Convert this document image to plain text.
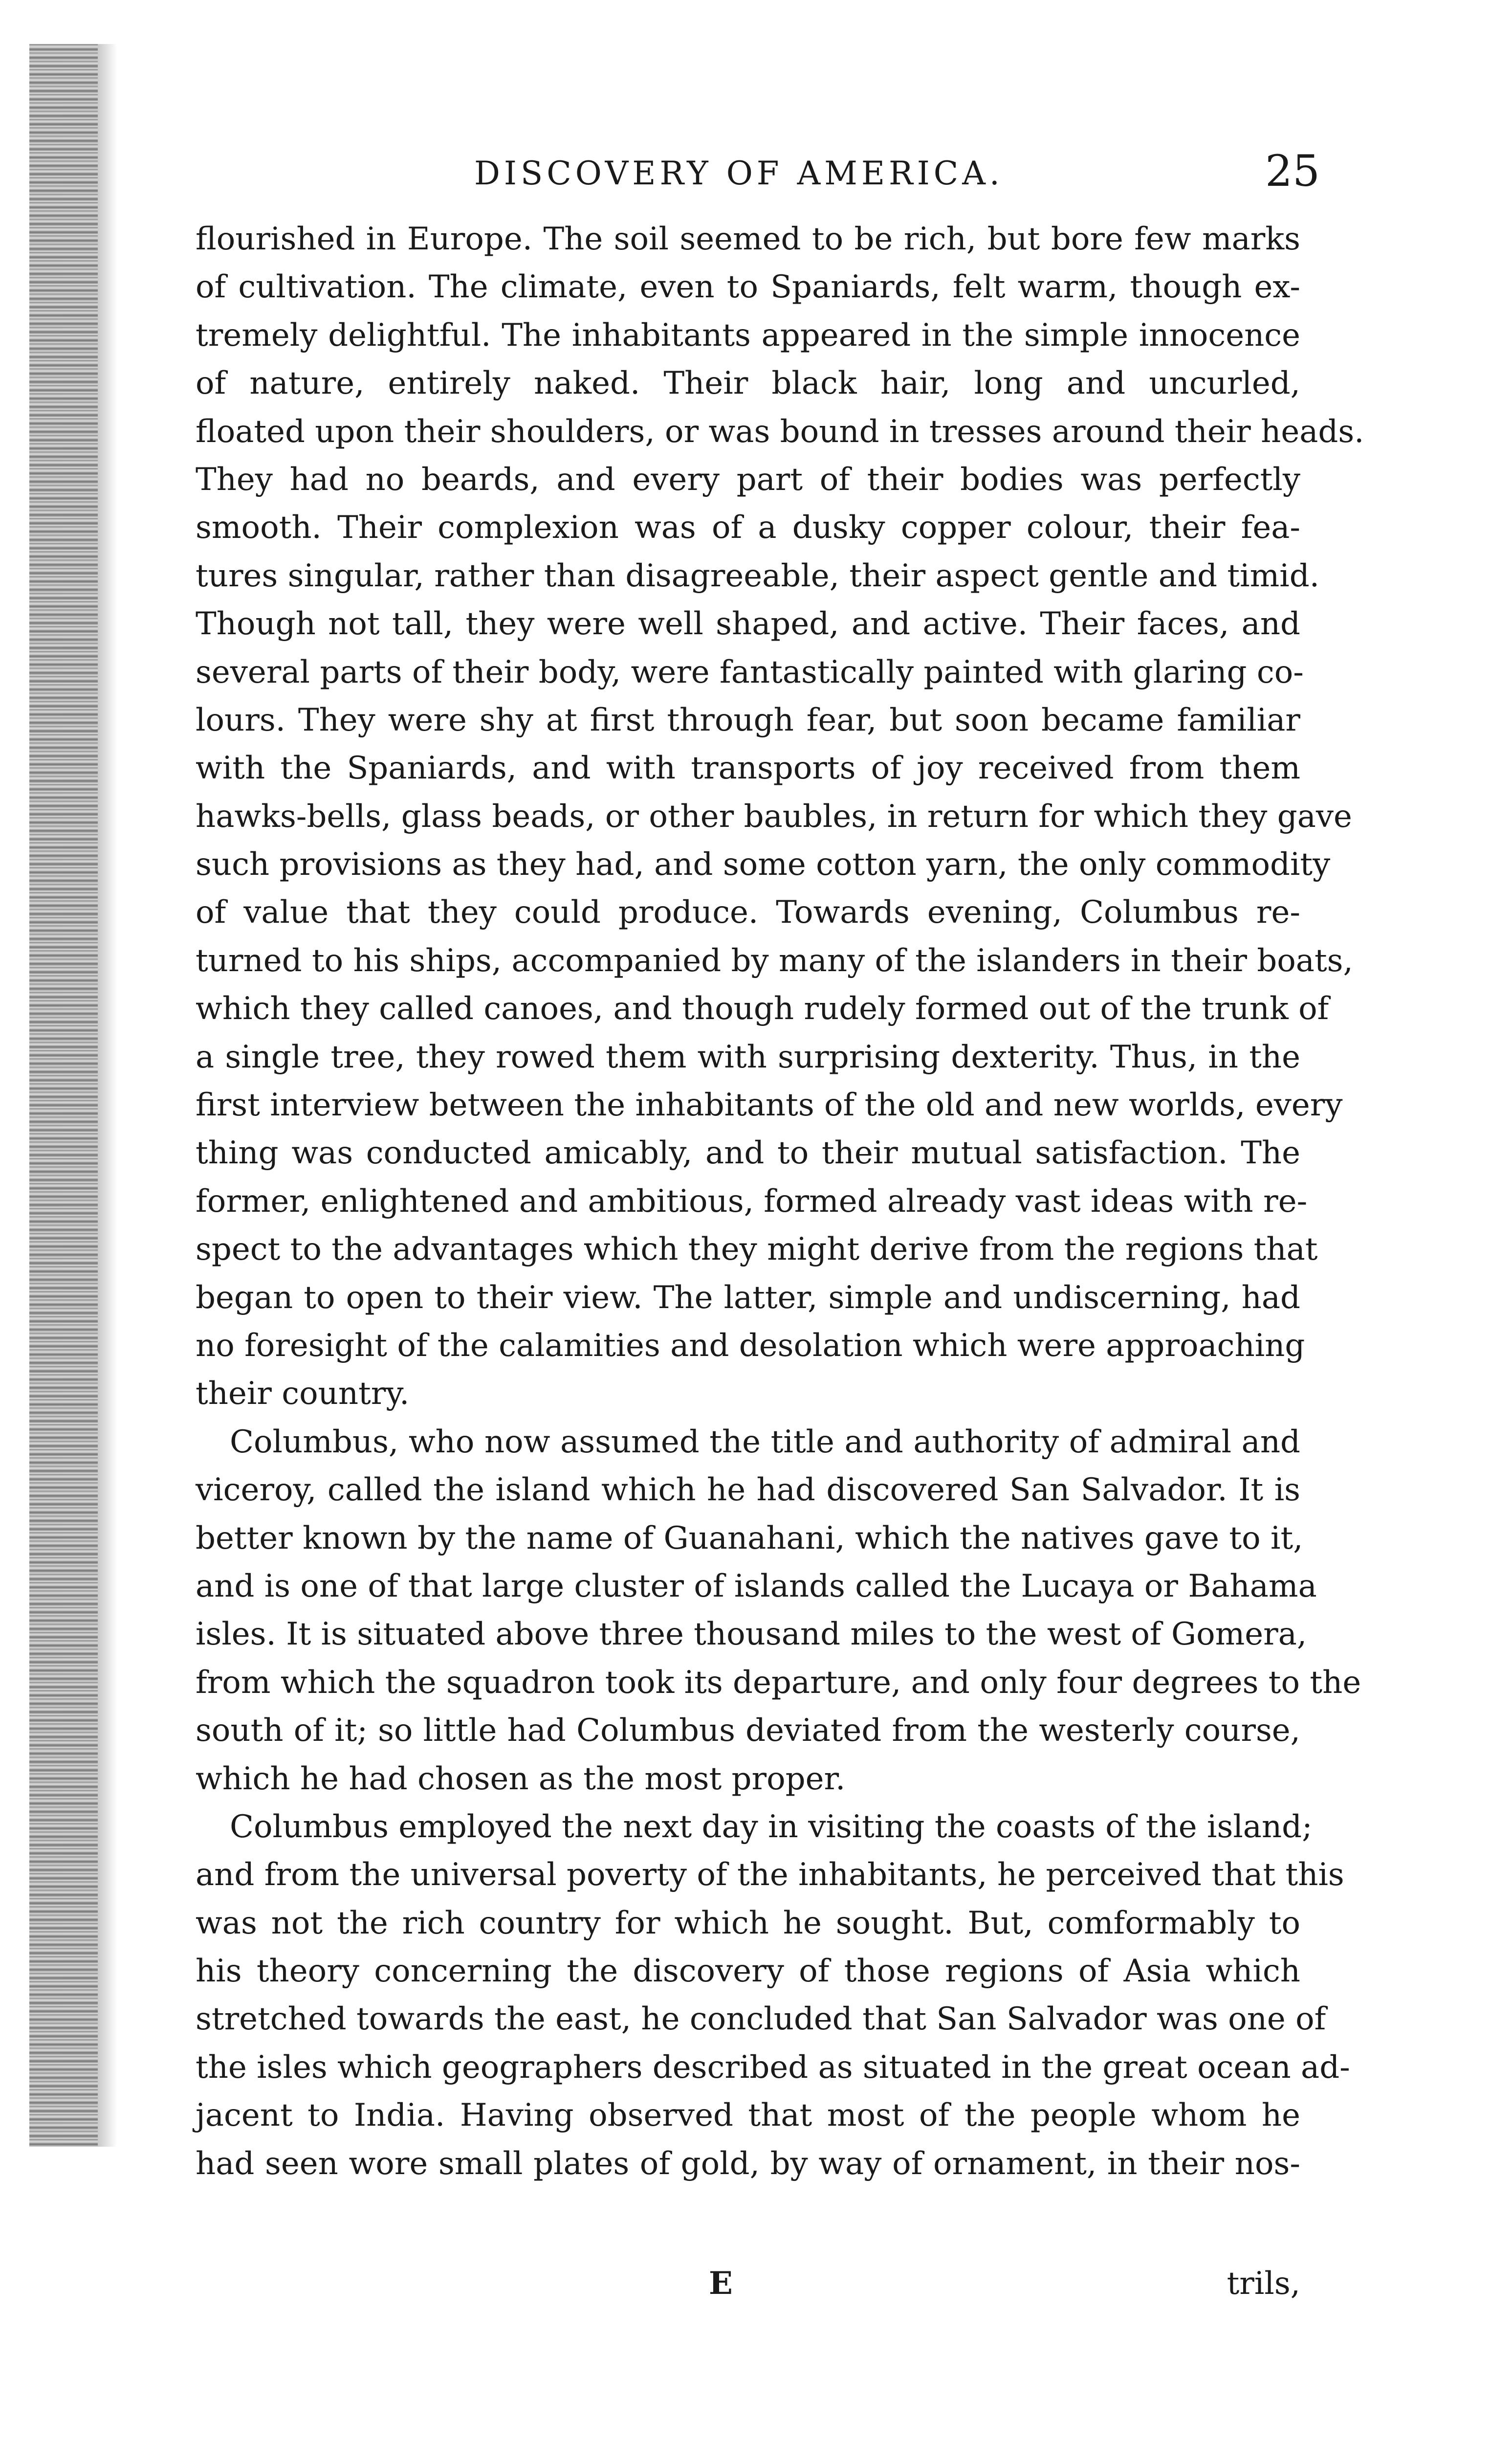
DISCOVERY OF AMERICA.	25
flourished in Europe. The soil seemed to be rich, but bore few marks
of cultivation. The climate, even to Spaniards, felt warm, though ex-
tremely delightful. The inhabitants appeared in the simple innocence
of nature, entirely naked. Their black hair, long and uncurled,
floated upon their shoulders, or was bound in tresses around their heads.
They had no beards, and every part of their bodies was perfectly
smooth. Their complexion was of a dusky copper colour, their fea-
tures singular, rather than disagreeable, their aspect gentle and timid.
Though not tall, they were well shaped, and active. Their faces, and
several parts of their body, were fantastically painted with glaring co-
lours. They were shy at first through fear, but soon became familiar
with the Spaniards, and with transports of joy received from them
hawks-bells, glass beads, or other baubles, in return for which they gave
such provisions as they had, and some cotton yarn, the only commodity
of value that they could produce. Towards evening, Columbus re-
turned to his ships, accompanied by many of the islanders in their boats,
which they called canoes, and though rudely formed out of the trunk of
a single tree, they rowed them with surprising dexterity. Thus, in the
first interview between the inhabitants of the old and new worlds, every
thing was conducted amicably, and to their mutual satisfaction. The
former, enlightened and ambitious, formed already vast ideas with re-
spect to the advantages which they might derive from the regions that
began to open to their view. The latter, simple and undiscerning, had
no foresight of the calamities and desolation which were approaching
their country.
Columbus, who now assumed the title and authority of admiral and
viceroy, called the island which he had discovered San Salvador. It is
better known by the name of Guanahani, which the natives gave to it,
and is one of that large cluster of islands called the Lucaya or Bahama
isles. It is situated above three thousand miles to the west of Gomera,
from which the squadron took its departure, and only four degrees to the
south of it; so little had Columbus deviated from the westerly course,
which he had chosen as the most proper.
Columbus employed the next day in visiting the coasts of the island;
and from the universal poverty of the inhabitants, he perceived that this
was not the rich country for which he sought. But, comformably to
his theory concerning the discovery of those regions of Asia which
stretched towards the east, he concluded that San Salvador was one of
the isles which geographers described as situated in the great ocean ad-
jacent to India. Having observed that most of the people whom he
had seen wore small plates of gold, by way of ornament, in their nos-
E	trils,
